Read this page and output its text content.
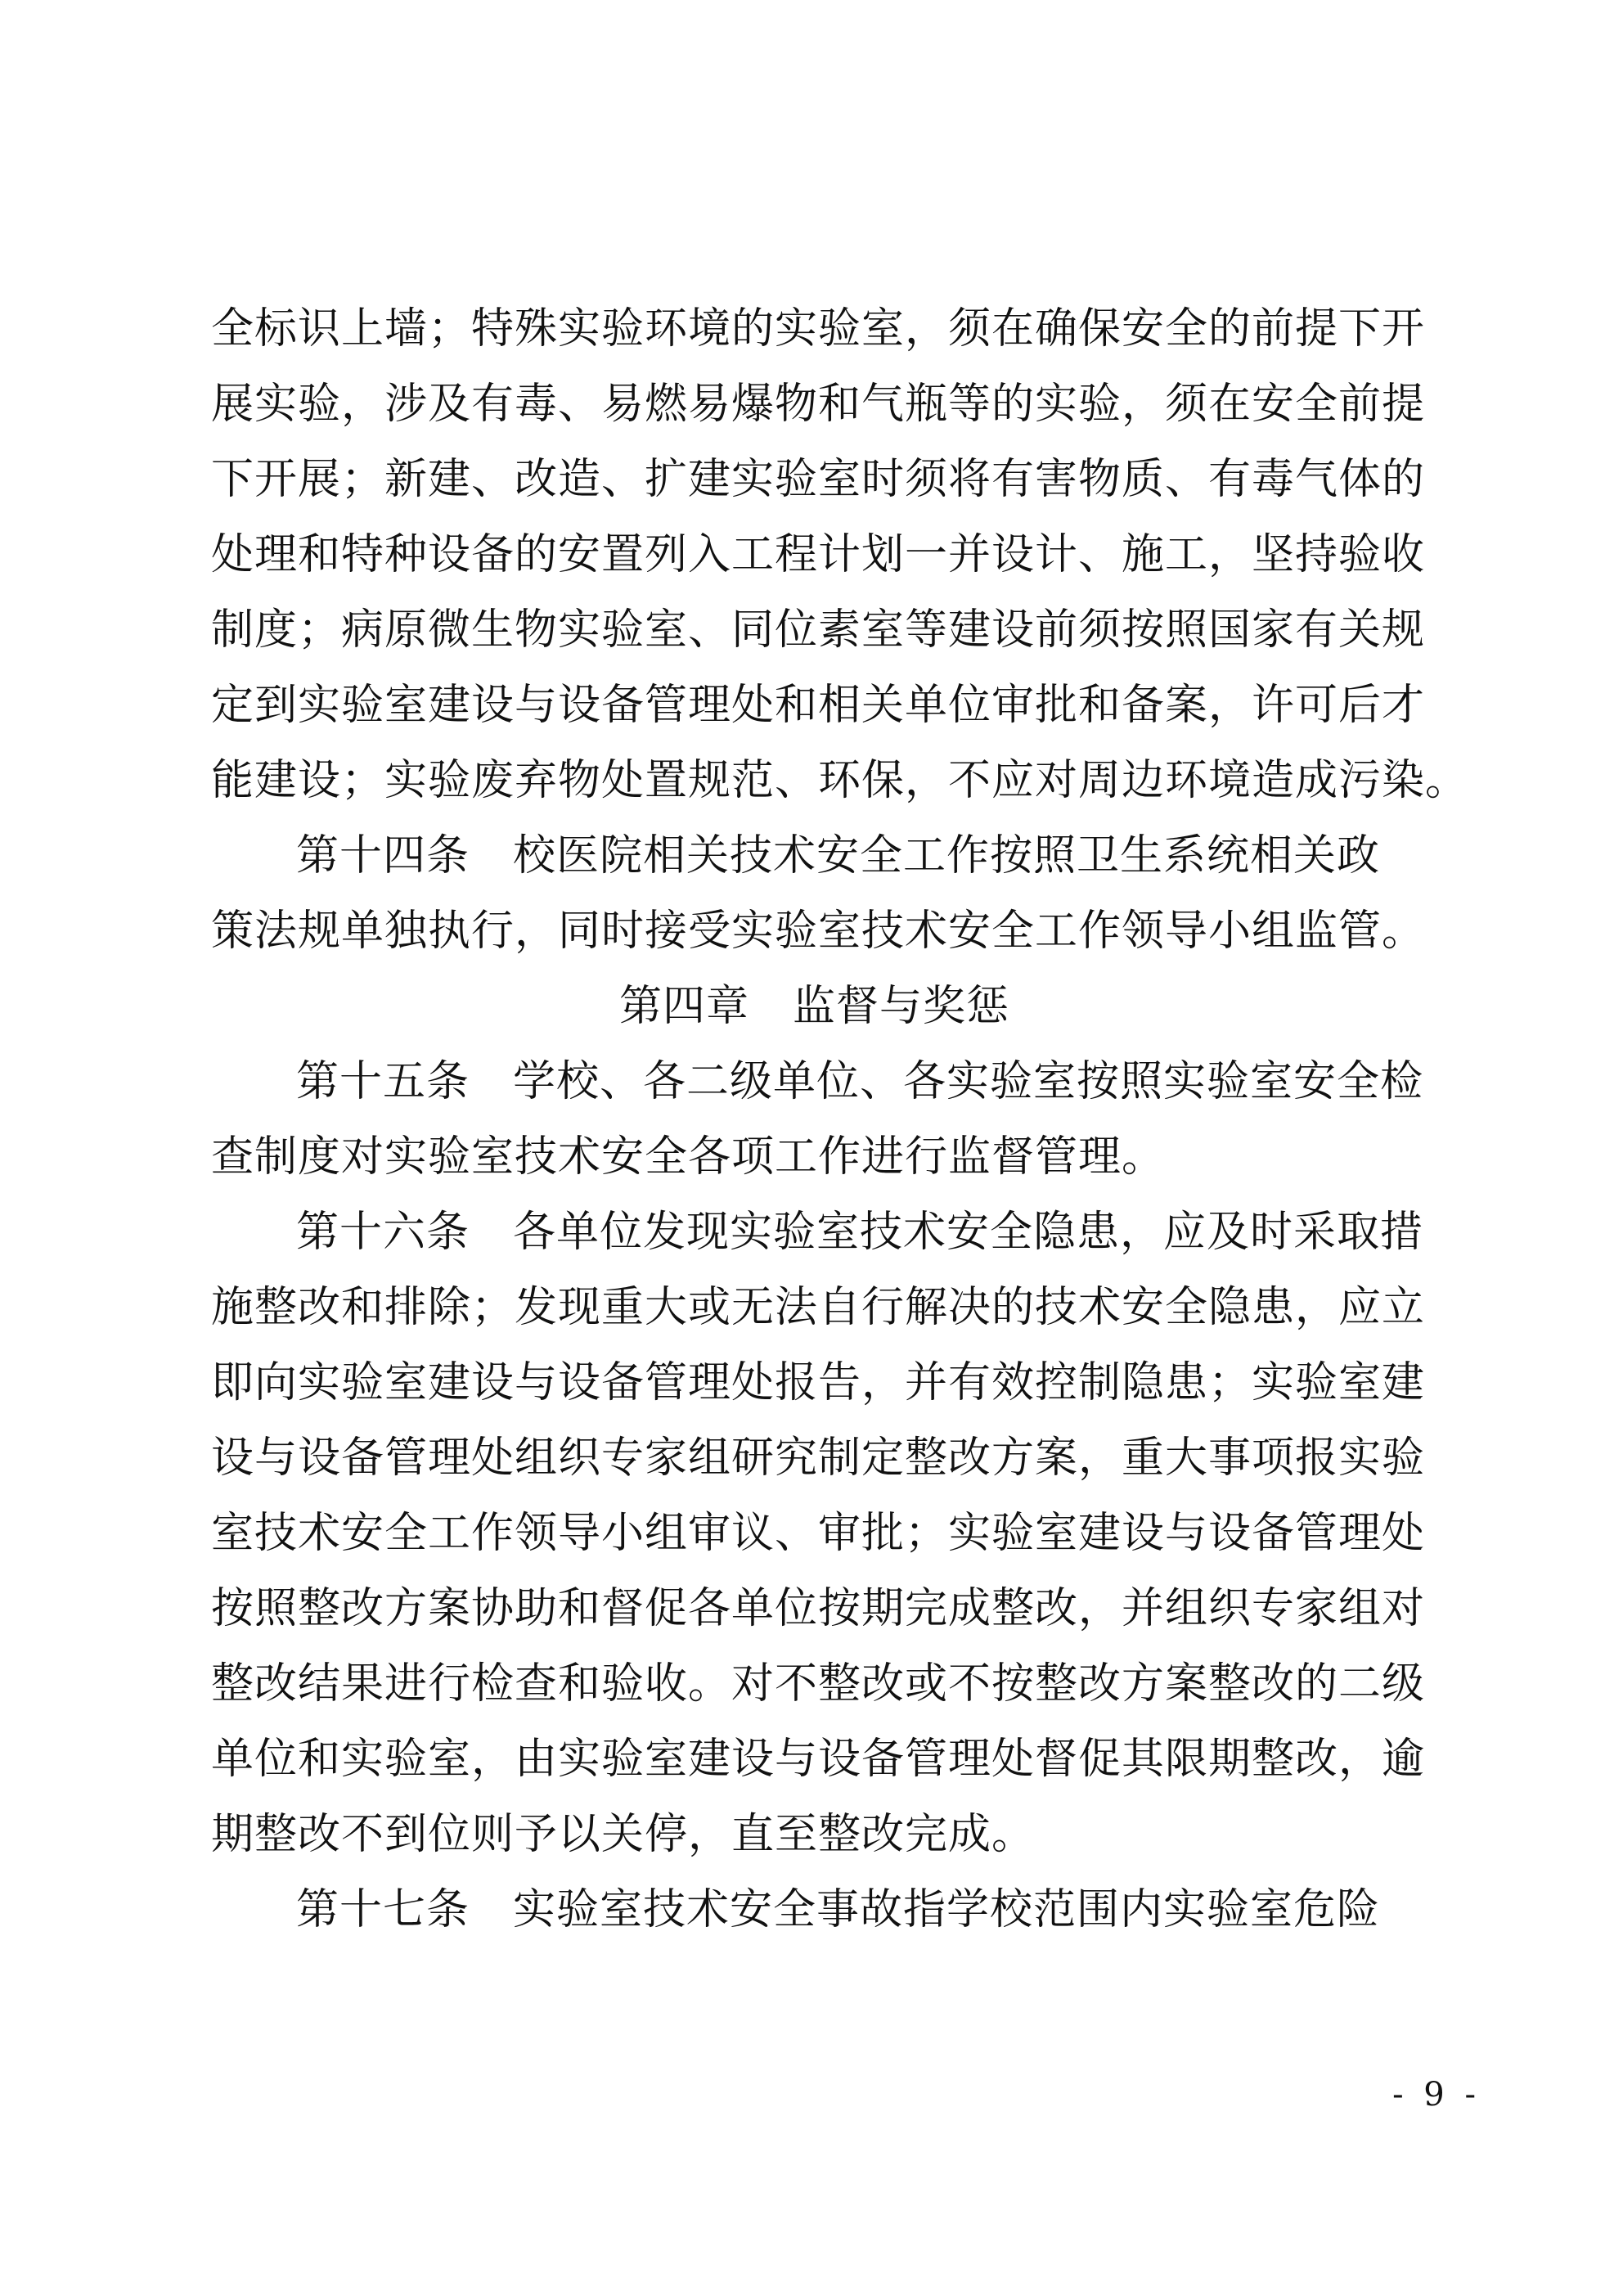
全标识上墙；特殊实验环境的实验室，须在确保安全的前提下开
展实验，涉及有毒、易燃易爆物和气瓶等的实验，须在安全前提
下开展；新建、改造、扩建实验室时须将有害物质、有毒气体的
处理和特种设备的安置列入工程计划一并设计、施工，坚持验收
制度；病原微生物实验室、同位素室等建设前须按照国家有关规
定到实验室建设与设备管理处和相关单位审批和备案，许可后才
能建设；实验废弃物处置规范、环保，不应对周边环境造成污染。
第十四条　校医院相关技术安全工作按照卫生系统相关政
策法规单独执行，同时接受实验室技术安全工作领导小组监管。
第四章　监督与奖惩
第十五条　学校、各二级单位、各实验室按照实验室安全检
查制度对实验室技术安全各项工作进行监督管理。
第十六条　各单位发现实验室技术安全隐患，应及时采取措
施整改和排除；发现重大或无法自行解决的技术安全隐患，应立
即向实验室建设与设备管理处报告，并有效控制隐患；实验室建
设与设备管理处组织专家组研究制定整改方案，重大事项报实验
室技术安全工作领导小组审议、审批；实验室建设与设备管理处
按照整改方案协助和督促各单位按期完成整改，并组织专家组对
整改结果进行检查和验收。对不整改或不按整改方案整改的二级
单位和实验室，由实验室建设与设备管理处督促其限期整改，逾
期整改不到位则予以关停，直至整改完成。
第十七条　实验室技术安全事故指学校范围内实验室危险
- 9 -
